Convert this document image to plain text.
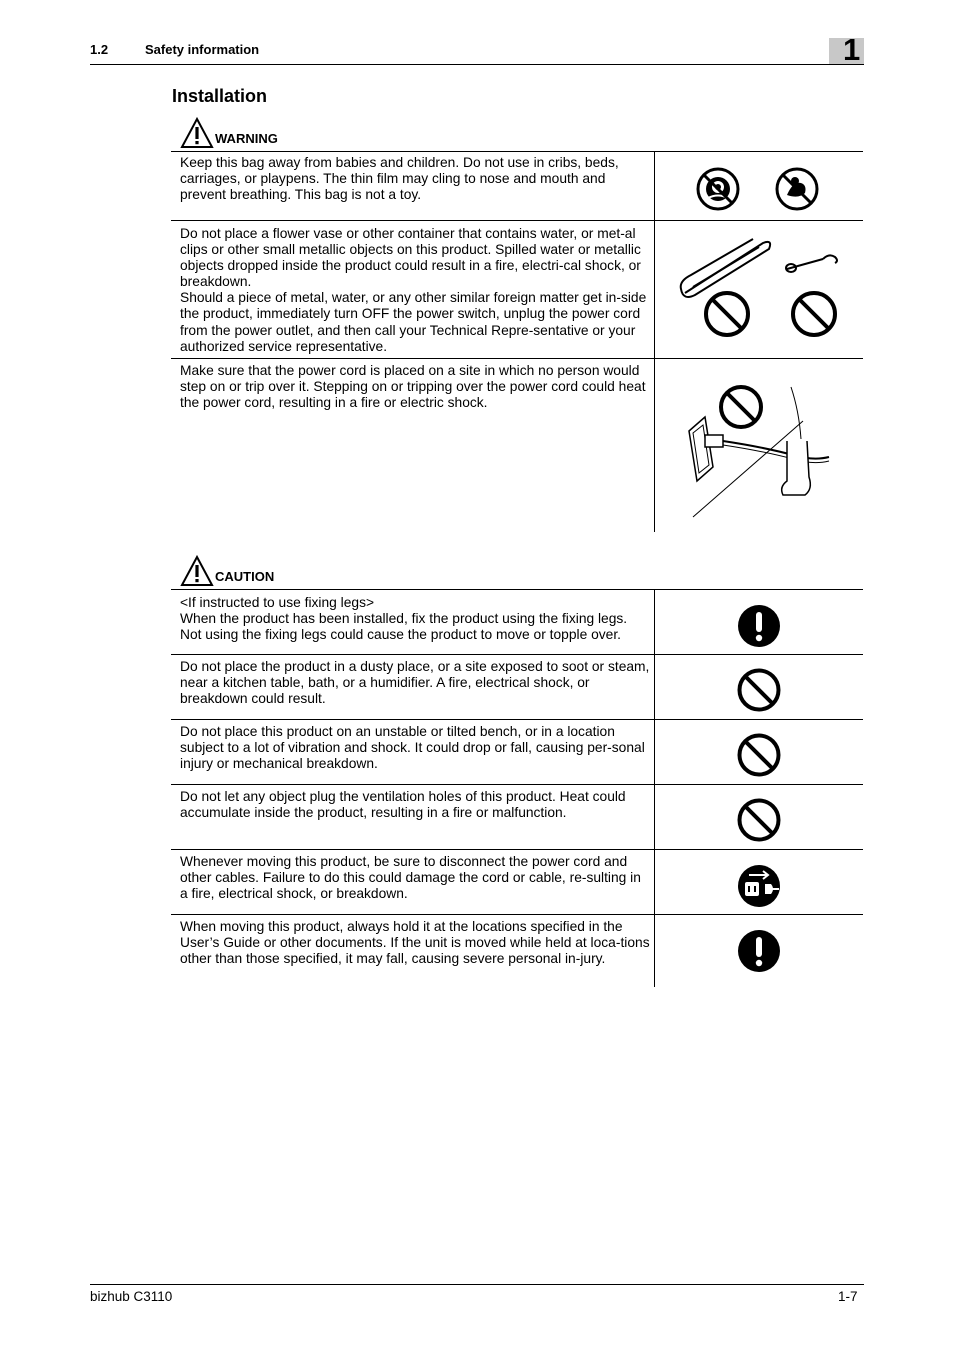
1.2	Safety information	1
Installation
WARNING

Keep this bag away from babies and children. Do not use in cribs, beds, carriages, or playpens. The thin film may cling to nose and mouth and prevent breathing. This bag is not a toy.

Do not place a flower vase or other container that contains water, or met-al clips or other small metallic objects on this product. Spilled water or metallic objects dropped inside the product could result in a fire, electri-cal shock, or breakdown.

Should a piece of metal, water, or any other similar foreign matter get in-side the product, immediately turn OFF the power switch, unplug the power cord from the power outlet, and then call your Technical Repre-sentative or your authorized service representative.

Make sure that the power cord is placed on a site in which no person would step on or trip over it. Stepping on or tripping over the power cord could heat the power cord, resulting in a fire or electric shock.

CAUTION

<If instructed to use fixing legs>

When the product has been installed, fix the product using the fixing legs. Not using the fixing legs could cause the product to move or topple over.

Do not place the product in a dusty place, or a site exposed to soot or steam, near a kitchen table, bath, or a humidifier. A fire, electrical shock, or breakdown could result.

Do not place this product on an unstable or tilted bench, or in a location subject to a lot of vibration and shock. It could drop or fall, causing per-sonal injury or mechanical breakdown.

Do not let any object plug the ventilation holes of this product. Heat could accumulate inside the product, resulting in a fire or malfunction.

Whenever moving this product, be sure to disconnect the power cord and other cables. Failure to do this could damage the cord or cable, re-sulting in a fire, electrical shock, or breakdown.

When moving this product, always hold it at the locations specified in the User’s Guide or other documents. If the unit is moved while held at loca-tions other than those specified, it may fall, causing severe personal in-jury.

bizhub C3110	1-7
